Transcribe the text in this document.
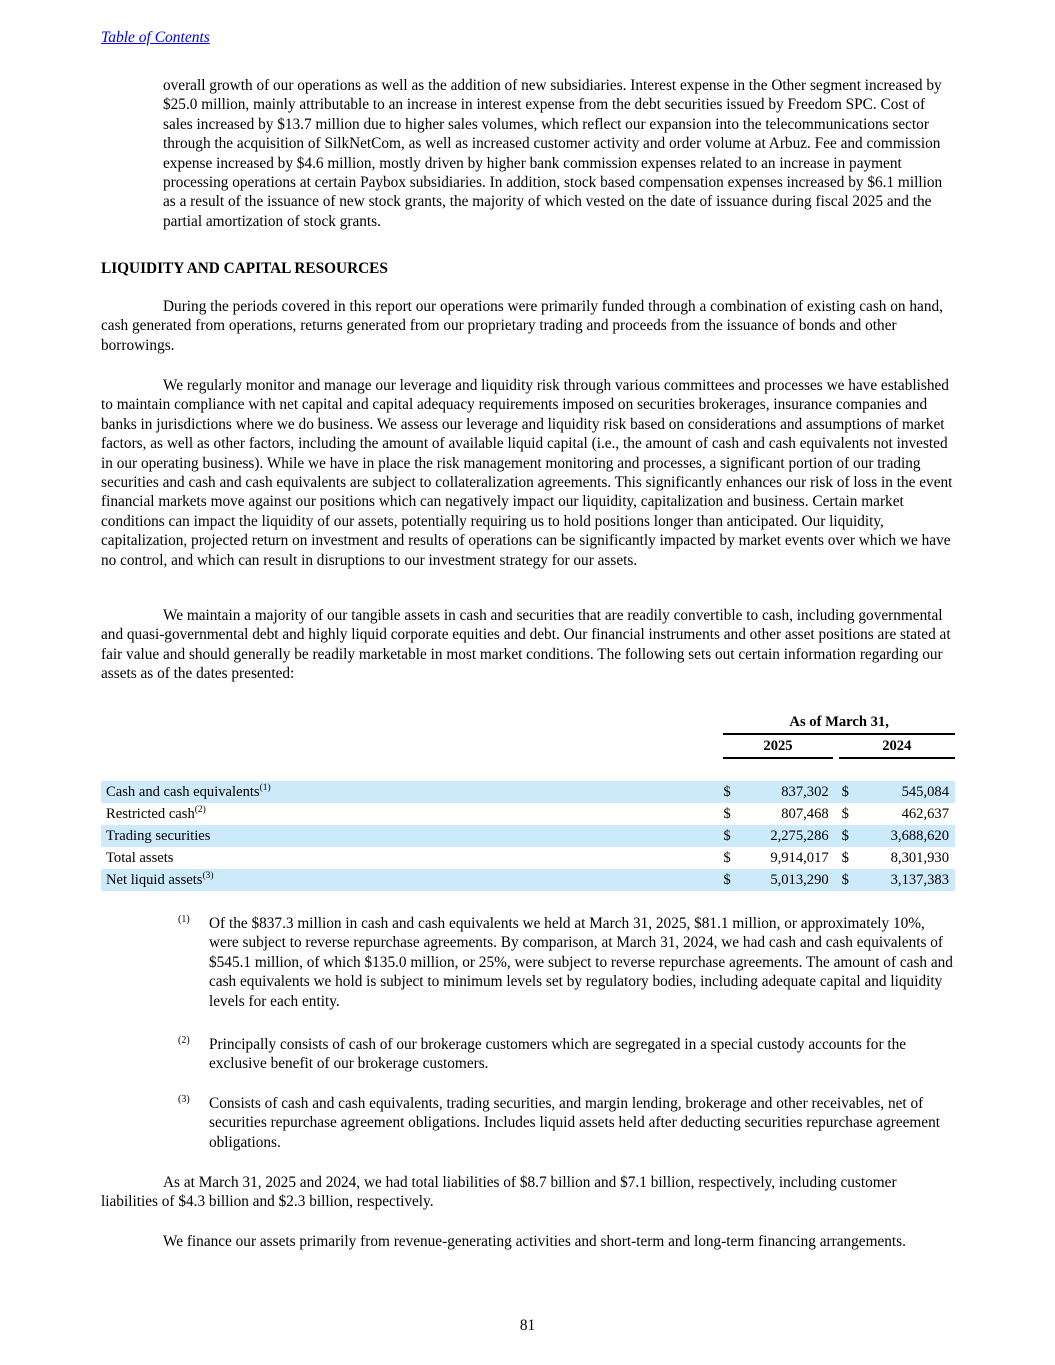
Table of Contents

overall growth of our operations as well as the addition of new subsidiaries. Interest expense in the Other segment increased by $25.0 million, mainly attributable to an increase in interest expense from the debt securities issued by Freedom SPC. Cost of sales increased by $13.7 million due to higher sales volumes, which reflect our expansion into the telecommunications sector through the acquisition of SilkNetCom, as well as increased customer activity and order volume at Arbuz. Fee and commission expense increased by $4.6 million, mostly driven by higher bank commission expenses related to an increase in payment processing operations at certain Paybox subsidiaries. In addition, stock based compensation expenses increased by $6.1 million as a result of the issuance of new stock grants, the majority of which vested on the date of issuance during fiscal 2025 and the partial amortization of stock grants.

LIQUIDITY AND CAPITAL RESOURCES

During the periods covered in this report our operations were primarily funded through a combination of existing cash on hand, cash generated from operations, returns generated from our proprietary trading and proceeds from the issuance of bonds and other borrowings.

We regularly monitor and manage our leverage and liquidity risk through various committees and processes we have established to maintain compliance with net capital and capital adequacy requirements imposed on securities brokerages, insurance companies and banks in jurisdictions where we do business. We assess our leverage and liquidity risk based on considerations and assumptions of market factors, as well as other factors, including the amount of available liquid capital (i.e., the amount of cash and cash equivalents not invested in our operating business). While we have in place the risk management monitoring and processes, a significant portion of our trading securities and cash and cash equivalents are subject to collateralization agreements. This significantly enhances our risk of loss in the event financial markets move against our positions which can negatively impact our liquidity, capitalization and business. Certain market conditions can impact the liquidity of our assets, potentially requiring us to hold positions longer than anticipated. Our liquidity, capitalization, projected return on investment and results of operations can be significantly impacted by market events over which we have no control, and which can result in disruptions to our investment strategy for our assets.

We maintain a majority of our tangible assets in cash and securities that are readily convertible to cash, including governmental and quasi-governmental debt and highly liquid corporate equities and debt. Our financial instruments and other asset positions are stated at fair value and should generally be readily marketable in most market conditions. The following sets out certain information regarding our assets as of the dates presented:

	As of March 31,				

	2025			2024	

Cash and cash equivalents$^{(1)}$	$	837,302		$	545,084
Restricted cash$^{(2)}$	$	807,468		$	462,637
Trading securities	$	2,275,286		$	3,688,620
Total assets	$	9,914,017		$	8,301,930
Net liquid assets$^{(3)}$	$	5,013,290		$	3,137,383
(1)	Of the $837.3 million in cash and cash equivalents we held at March 31, 2025, $81.1 million, or approximately 10%, were subject to reverse repurchase agreements. By comparison, at March 31, 2024, we had cash and cash equivalents of $545.1 million, of which $135.0 million, or 25%, were subject to reverse repurchase agreements. The amount of cash and cash equivalents we hold is subject to minimum levels set by regulatory bodies, including adequate capital and liquidity levels for each entity.
(2)	Principally consists of cash of our brokerage customers which are segregated in a special custody accounts for the exclusive benefit of our brokerage customers.
(3)	Consists of cash and cash equivalents, trading securities, and margin lending, brokerage and other receivables, net of securities repurchase agreement obligations. Includes liquid assets held after deducting securities repurchase agreement obligations.

As at March 31, 2025 and 2024, we had total liabilities of $8.7 billion and $7.1 billion, respectively, including customer liabilities of $4.3 billion and $2.3 billion, respectively.

We finance our assets primarily from revenue-generating activities and short-term and long-term financing arrangements.

81
